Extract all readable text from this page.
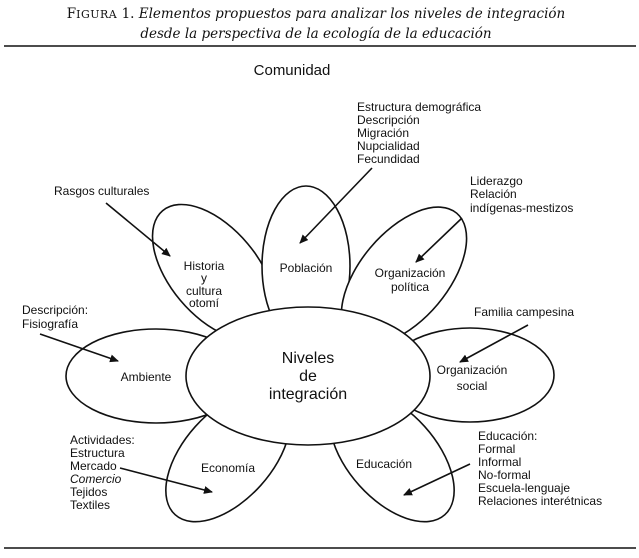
FIGURA 1. Elementos propuestos para analizar los niveles de integración
desde la perspectiva de la ecología de la educación
Comunidad
Niveles
de
integración
Historia
y
cultura
otomí
Población	Organización
política
Ambiente	Organización
social
Economía	Educación
Estructura demográfica
Descripción
Migración
Nupcialidad
Fecundidad
Liderazgo
Relación
indígenas-mestizos
Rasgos culturales
Descripción:
Fisiografía
Familia campesina
Actividades:
Estructura
Mercado
Comercio
Tejidos
Textiles
Educación:
Formal
Informal
No-formal
Escuela-lenguaje
Relaciones interétnicas
